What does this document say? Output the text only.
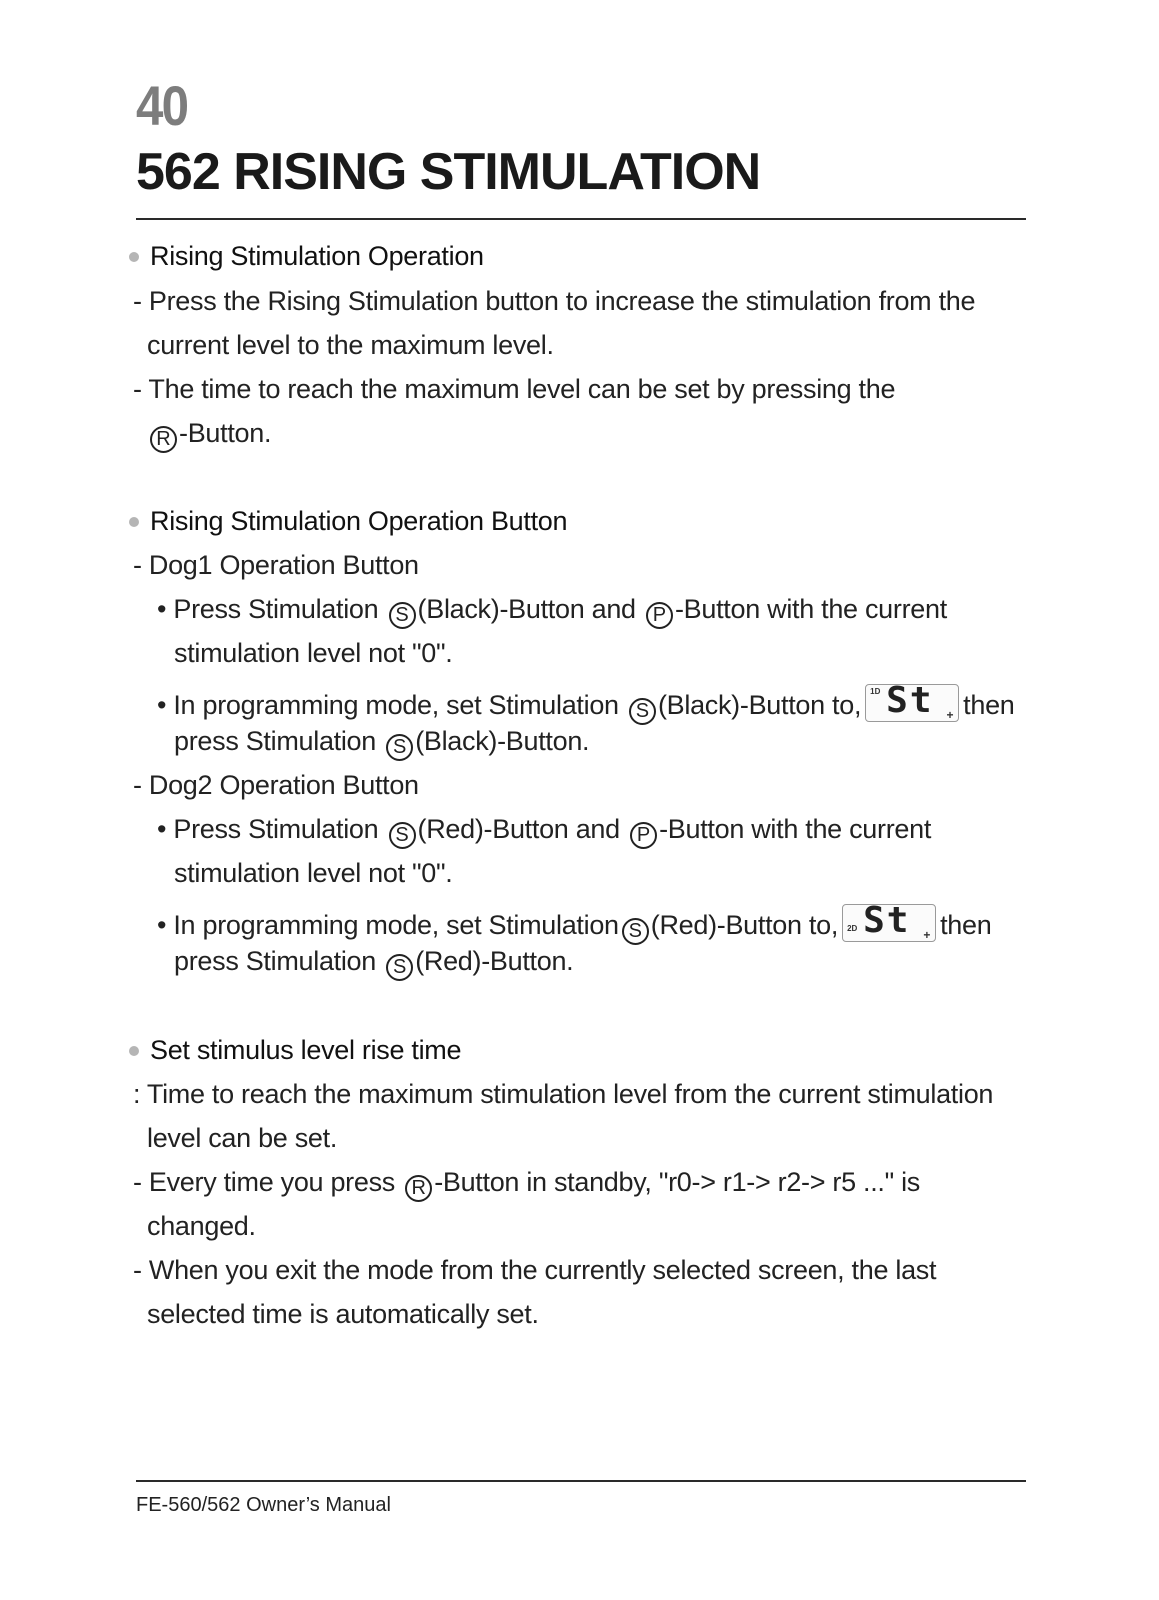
40
562 RISING STIMULATION
Rising Stimulation Operation
- Press the Rising Stimulation button to increase the stimulation from the
current level to the maximum level.
- The time to reach the maximum level can be set by pressing the
R -Button.
Rising Stimulation Operation Button
- Dog1 Operation Button
• Press Stimulation S (Black)-Button and P -Button with the current
stimulation level not "0".
• In programming mode, set Stimulation S (Black)-Button to, 1D St + then
press Stimulation S (Black)-Button.
- Dog2 Operation Button
• Press Stimulation S (Red)-Button and P -Button with the current
stimulation level not "0".
• In programming mode, set Stimulation S (Red)-Button to, 2D St + then
press Stimulation S (Red)-Button.
Set stimulus level rise time
: Time to reach the maximum stimulation level from the current stimulation
level can be set.
- Every time you press R -Button in standby, "r0-> r1-> r2-> r5 ..." is
changed.
- When you exit the mode from the currently selected screen, the last
selected time is automatically set.
FE-560/562 Owner’s Manual
